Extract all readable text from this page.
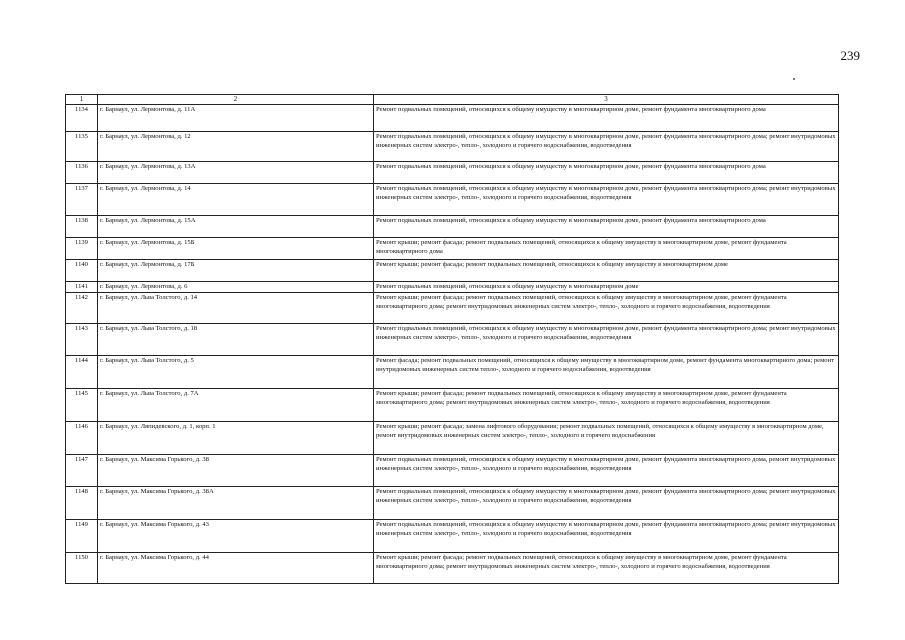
239
1	2	3
1134	г. Барнаул, ул. Лермонтова, д. 11А	Ремонт подвальных помещений, относящихся к общему имуществу в многоквартирном доме, ремонт фундамента многоквартирного дома
1135	г. Барнаул, ул. Лермонтова, д. 12	Ремонт подвальных помещений, относящихся к общему имуществу в многоквартирном доме, ремонт фундамента многоквартирного дома; ремонт внутридомовых инженерных систем электро-, тепло-, холодного и горячего водоснабжения, водоотведения
1136	г. Барнаул, ул. Лермонтова, д. 13А	Ремонт подвальных помещений, относящихся к общему имуществу в многоквартирном доме, ремонт фундамента многоквартирного дома
1137	г. Барнаул, ул. Лермонтова, д. 14	Ремонт подвальных помещений, относящихся к общему имуществу в многоквартирном доме, ремонт фундамента многоквартирного дома; ремонт внутридомовых инженерных систем электро-, тепло-, холодного и горячего водоснабжения, водоотведения
1138	г. Барнаул, ул. Лермонтова, д. 15А	Ремонт подвальных помещений, относящихся к общему имуществу в многоквартирном доме, ремонт фундамента многоквартирного дома
1139	г. Барнаул, ул. Лермонтова, д. 15Б	Ремонт крыши; ремонт фасада; ремонт подвальных помещений, относящихся к общему имуществу в многоквартирном доме, ремонт фундамента многоквартирного дома
1140	г. Барнаул, ул. Лермонтова, д. 17Б	Ремонт крыши; ремонт фасада; ремонт подвальных помещений, относящихся к общему имуществу в многоквартирном доме
1141	г. Барнаул, ул. Лермонтова, д. 6	Ремонт подвальных помещений, относящихся к общему имуществу в многоквартирном доме
1142	г. Барнаул, ул. Льва Толстого, д. 14	Ремонт крыши; ремонт фасада; ремонт подвальных помещений, относящихся к общему имуществу в многоквартирном доме, ремонт фундамента многоквартирного дома; ремонт внутридомовых инженерных систем электро-, тепло-, холодного и горячего водоснабжения, водоотведения
1143	г. Барнаул, ул. Льва Толстого, д. 18	Ремонт подвальных помещений, относящихся к общему имуществу в многоквартирном доме, ремонт фундамента многоквартирного дома; ремонт внутридомовых инженерных систем электро-, тепло-, холодного и горячего водоснабжения, водоотведения
1144	г. Барнаул, ул. Льва Толстого, д. 5	Ремонт фасада; ремонт подвальных помещений, относящихся к общему имуществу в многоквартирном доме, ремонт фундамента многоквартирного дома; ремонт внутридомовых инженерных систем тепло-, холодного и горячего водоснабжения, водоотведения
1145	г. Барнаул, ул. Льва Толстого, д. 7А	Ремонт крыши; ремонт фасада; ремонт подвальных помещений, относящихся к общему имуществу в многоквартирном доме, ремонт фундамента многоквартирного дома; ремонт внутридомовых инженерных систем электро-, тепло-, холодного и горячего водоснабжения, водоотведения
1146	г. Барнаул, ул. Ляпидевского, д. 1, корп. 1	Ремонт крыши; ремонт фасада; замена лифтового оборудования; ремонт подвальных помещений, относящихся к общему имуществу в многоквартирном доме, ремонт внутридомовых инженерных систем электро-, тепло-, холодного и горячего водоснабжения
1147	г. Барнаул, ул. Максима Горького, д. 38	Ремонт подвальных помещений, относящихся к общему имуществу в многоквартирном доме, ремонт фундамента многоквартирного дома, ремонт внутридомовых инженерных систем электро-, тепло-, холодного и горячего водоснабжения, водоотведения
1148	г. Барнаул, ул. Максима Горького, д. 38А	Ремонт подвальных помещений, относящихся к общему имуществу в многоквартирном доме, ремонт фундамента многоквартирного дома; ремонт внутридомовых инженерных систем электро-, тепло-, холодного и горячего водоснабжения, водоотведения
1149	г. Барнаул, ул. Максима Горького, д. 43	Ремонт подвальных помещений, относящихся к общему имуществу в многоквартирном доме, ремонт фундамента многоквартирного дома; ремонт внутридомовых инженерных систем электро-, тепло-, холодного и горячего водоснабжения, водоотведения
1150	г. Барнаул, ул. Максима Горького, д. 44	Ремонт крыши; ремонт фасада; ремонт подвальных помещений, относящихся к общему имуществу в многоквартирном доме, ремонт фундамента многоквартирного дома; ремонт внутридомовых инженерных систем электро-, тепло-, холодного и горячего водоснабжения, водоотведения
